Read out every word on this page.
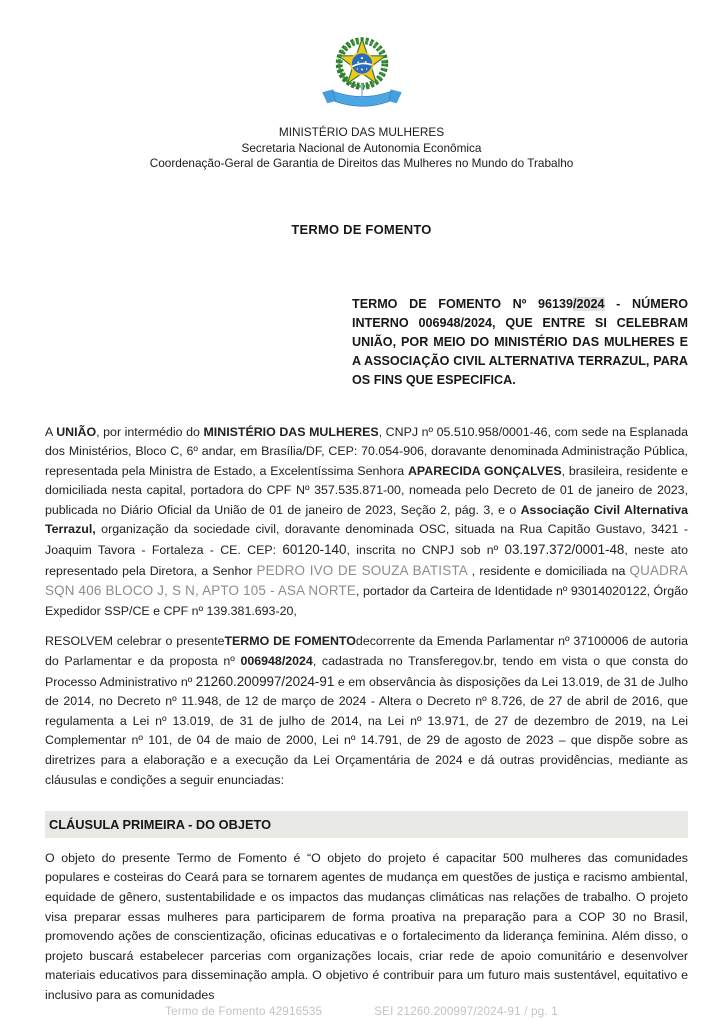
MINISTÉRIO DAS MULHERES
Secretaria Nacional de Autonomia Econômica
Coordenação-Geral de Garantia de Direitos das Mulheres no Mundo do Trabalho
TERMO DE FOMENTO
TERMO DE FOMENTO Nº 96139/2024 - NÚMERO INTERNO 006948/2024, QUE ENTRE SI CELEBRAM UNIÃO, POR MEIO DO MINISTÉRIO DAS MULHERES E A ASSOCIAÇÃO CIVIL ALTERNATIVA TERRAZUL, PARA OS FINS QUE ESPECIFICA.

A UNIÃO, por intermédio do MINISTÉRIO DAS MULHERES, CNPJ nº 05.510.958/0001-46, com sede na Esplanada dos Ministérios, Bloco C, 6º andar, em Brasília/DF, CEP: 70.054-906, doravante denominada Administração Pública, representada pela Ministra de Estado, a Excelentíssima Senhora APARECIDA GONÇALVES, brasileira, residente e domiciliada nesta capital, portadora do CPF Nº 357.535.871-00, nomeada pelo Decreto de 01 de janeiro de 2023, publicada no Diário Oficial da União de 01 de janeiro de 2023, Seção 2, pág. 3, e o Associação Civil Alternativa Terrazul, organização da sociedade civil, doravante denominada OSC, situada na Rua Capitão Gustavo, 3421 - Joaquim Tavora - Fortaleza - CE. CEP: 60120-140, inscrita no CNPJ sob nº 03.197.372/0001-48, neste ato representado pela Diretora, a Senhor PEDRO IVO DE SOUZA BATISTA , residente e domiciliada na QUADRA SQN 406 BLOCO J, S N, APTO 105 - ASA NORTE, portador da Carteira de Identidade nº 93014020122, Órgão Expedidor SSP/CE e CPF nº 139.381.693-20,

RESOLVEM celebrar o presenteTERMO DE FOMENTOdecorrente da Emenda Parlamentar nº 37100006 de autoria do Parlamentar e da proposta nº 006948/2024, cadastrada no Transferegov.br, tendo em vista o que consta do Processo Administrativo nº 21260.200997/2024-91 e em observância às disposições da Lei 13.019, de 31 de Julho de 2014, no Decreto nº 11.948, de 12 de março de 2024 - Altera o Decreto nº 8.726, de 27 de abril de 2016, que regulamenta a Lei nº 13.019, de 31 de julho de 2014, na Lei nº 13.971, de 27 de dezembro de 2019, na Lei Complementar nº 101, de 04 de maio de 2000, Lei nº 14.791, de 29 de agosto de 2023 – que dispõe sobre as diretrizes para a elaboração e a execução da Lei Orçamentária de 2024 e dá outras providências, mediante as cláusulas e condições a seguir enunciadas:

CLÁUSULA PRIMEIRA - DO OBJETO

O objeto do presente Termo de Fomento é “O objeto do projeto é capacitar 500 mulheres das comunidades populares e costeiras do Ceará para se tornarem agentes de mudança em questões de justiça e racismo ambiental, equidade de gênero, sustentabilidade e os impactos das mudanças climáticas nas relações de trabalho. O projeto visa preparar essas mulheres para participarem de forma proativa na preparação para a COP 30 no Brasil, promovendo ações de conscientização, oficinas educativas e o fortalecimento da liderança feminina. Além disso, o projeto buscará estabelecer parcerias com organizações locais, criar rede de apoio comunitário e desenvolver materiais educativos para disseminação ampla. O objetivo é contribuir para um futuro mais sustentável, equitativo e inclusivo para as comunidades

Termo de Fomento 42916535	SEI 21260.200997/2024-91 / pg. 1
